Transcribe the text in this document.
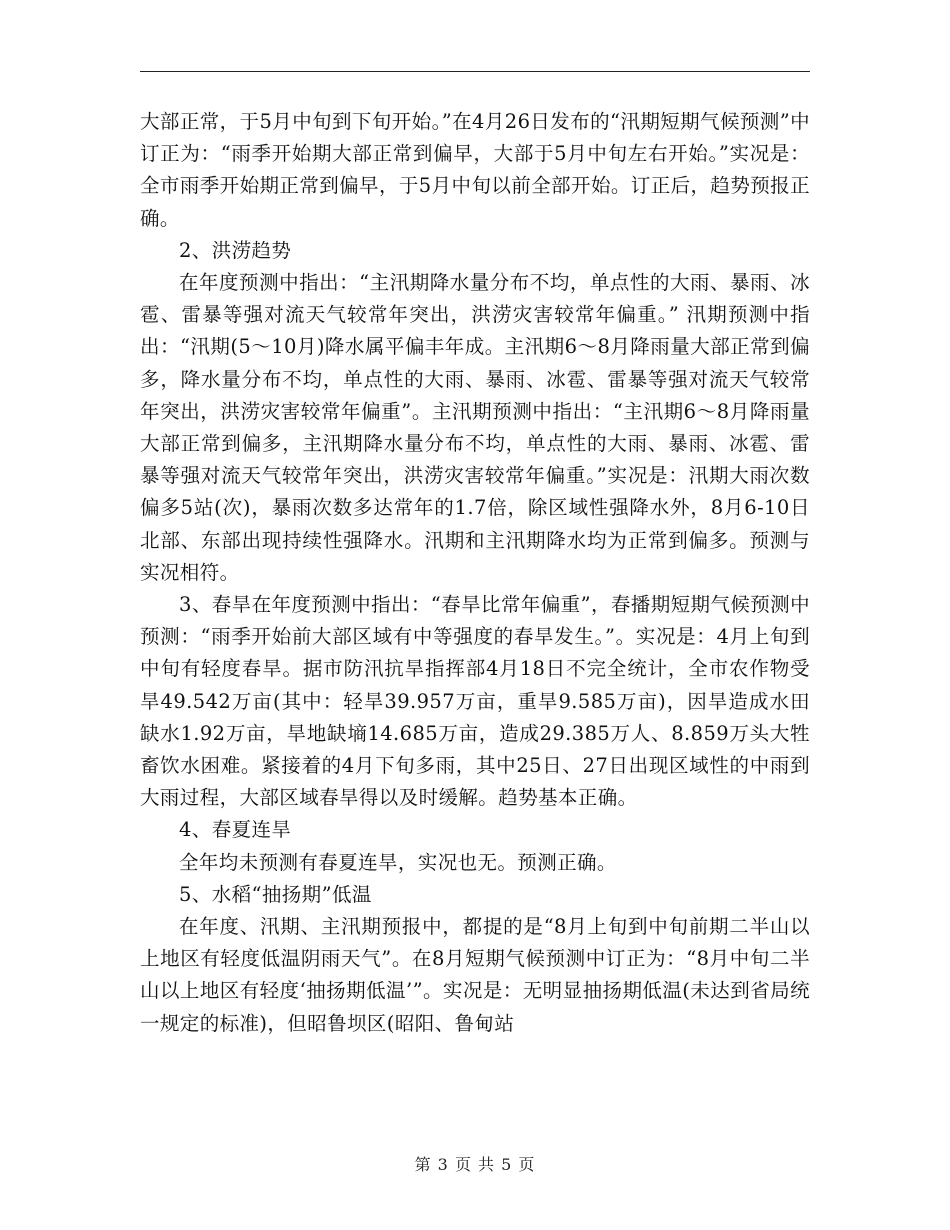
大部正常，于5月中旬到下旬开始。”在4月26日发布的“汛期短期气候预测”中订正为：“雨季开始期大部正常到偏早，大部于5月中旬左右开始。”实况是：全市雨季开始期正常到偏早，于5月中旬以前全部开始。订正后，趋势预报正确。

2、洪涝趋势

在年度预测中指出：“主汛期降水量分布不均，单点性的大雨、暴雨、冰雹、雷暴等强对流天气较常年突出，洪涝灾害较常年偏重。” 汛期预测中指出：“汛期(5～10月)降水属平偏丰年成。主汛期6～8月降雨量大部正常到偏多，降水量分布不均，单点性的大雨、暴雨、冰雹、雷暴等强对流天气较常年突出，洪涝灾害较常年偏重”。主汛期预测中指出：“主汛期6～8月降雨量大部正常到偏多，主汛期降水量分布不均，单点性的大雨、暴雨、冰雹、雷暴等强对流天气较常年突出，洪涝灾害较常年偏重。”实况是：汛期大雨次数偏多5站(次)，暴雨次数多达常年的1.7倍，除区域性强降水外，8月6-10日北部、东部出现持续性强降水。汛期和主汛期降水均为正常到偏多。预测与实况相符。

3、春旱在年度预测中指出：“春旱比常年偏重”，春播期短期气候预测中预测：“雨季开始前大部区域有中等强度的春旱发生。”。实况是：4月上旬到中旬有轻度春旱。据市防汛抗旱指挥部4月18日不完全统计，全市农作物受旱49.542万亩(其中：轻旱39.957万亩，重旱9.585万亩)，因旱造成水田缺水1.92万亩，旱地缺墒14.685万亩，造成29.385万人、8.859万头大牲畜饮水困难。紧接着的4月下旬多雨，其中25日、27日出现区域性的中雨到大雨过程，大部区域春旱得以及时缓解。趋势基本正确。

4、春夏连旱

全年均未预测有春夏连旱，实况也无。预测正确。

5、水稻“抽扬期”低温

在年度、汛期、主汛期预报中，都提的是“8月上旬到中旬前期二半山以上地区有轻度低温阴雨天气”。在8月短期气候预测中订正为：“8月中旬二半山以上地区有轻度‘抽扬期低温’”。实况是：无明显抽扬期低温(未达到省局统一规定的标准)，但昭鲁坝区(昭阳、鲁甸站

第 3 页 共 5 页
